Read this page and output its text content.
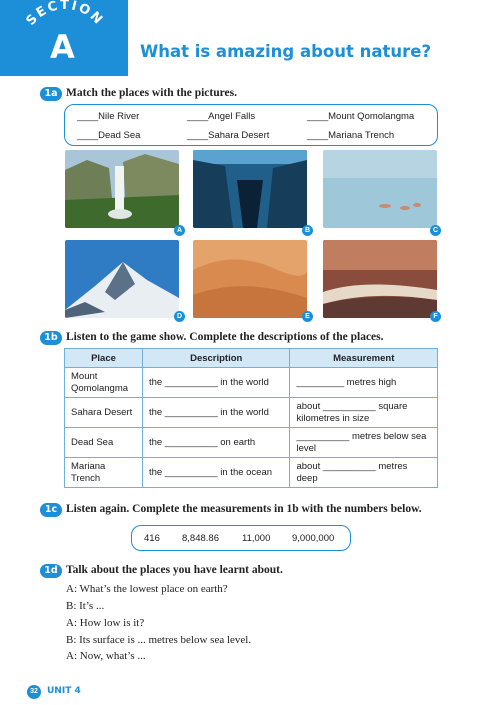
SECTION
A	What is amazing about nature?
1a Match the places with the pictures.
____Nile River	____Angel Falls	____Mount Qomolangma
____Dead Sea	____Sahara Desert	____Mariana Trench
A	B	C
D	E	F
1b Listen to the game show. Complete the descriptions of the places.
Place	Description	Measurement
Mount Qomolangma	the __________ in the world	_________ metres high
Sahara Desert	the __________ in the world	about __________ square kilometres in size
Dead Sea	the __________ on earth	__________ metres below sea level
Mariana Trench	the __________ in the ocean	about __________ metres deep
1c Listen again. Complete the measurements in 1b with the numbers below.
416 8,848.86 11,000 9,000,000
1d Talk about the places you have learnt about.
A: What’s the lowest place on earth?
B: It’s ...
A: How low is it?
B: Its surface is ... metres below sea level.
A: Now, what’s ...
32	UNIT 4
